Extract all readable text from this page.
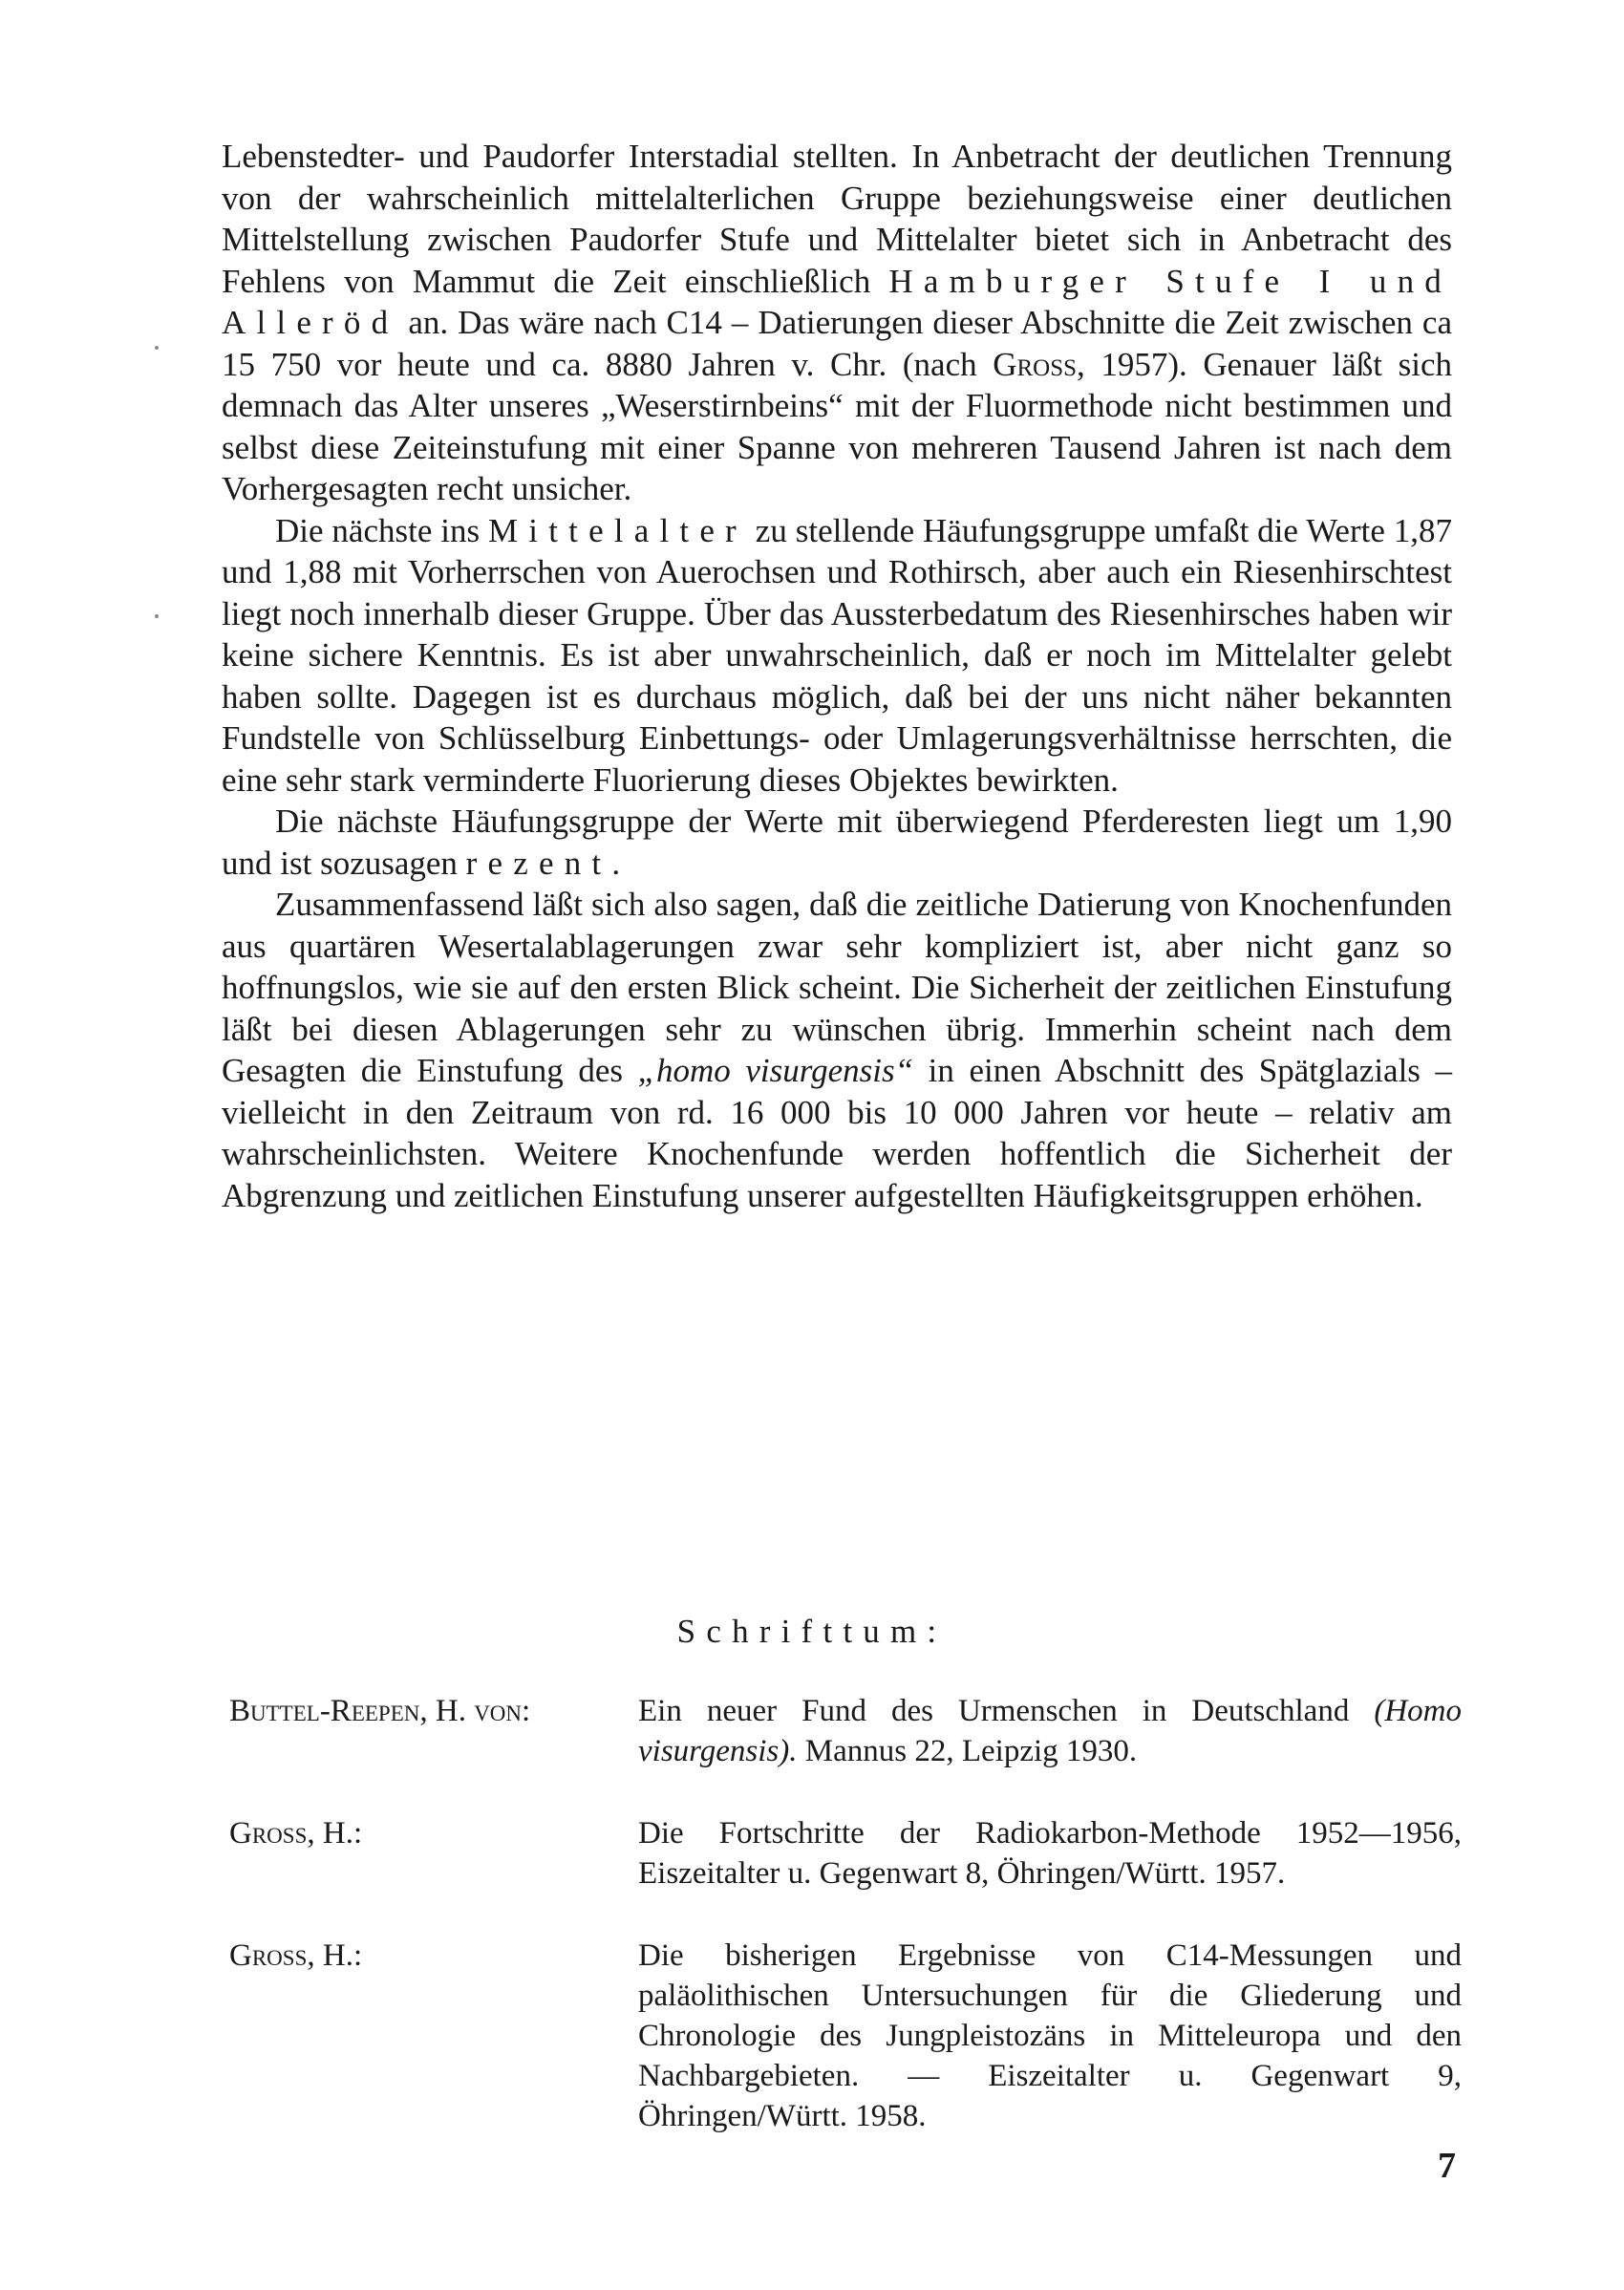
Lebenstedter- und Paudorfer Interstadial stellten. In Anbetracht der deutlichen Trennung von der wahrscheinlich mittelalterlichen Gruppe beziehungsweise einer deutlichen Mittelstellung zwischen Paudorfer Stufe und Mittelalter bietet sich in Anbetracht des Fehlens von Mammut die Zeit einschließlich Hamburger Stufe I und Alleröd an. Das wäre nach C14 – Datierungen dieser Abschnitte die Zeit zwischen ca 15 750 vor heute und ca. 8880 Jahren v. Chr. (nach Gross, 1957). Genauer läßt sich demnach das Alter unseres „Weserstirnbeins“ mit der Fluormethode nicht bestimmen und selbst diese Zeiteinstufung mit einer Spanne von mehreren Tausend Jahren ist nach dem Vorhergesagten recht unsicher.

Die nächste ins Mittelalter zu stellende Häufungsgruppe umfaßt die Werte 1,87 und 1,88 mit Vorherrschen von Auerochsen und Rothirsch, aber auch ein Riesenhirschtest liegt noch innerhalb dieser Gruppe. Über das Aussterbedatum des Riesenhirsches haben wir keine sichere Kenntnis. Es ist aber unwahrscheinlich, daß er noch im Mittelalter gelebt haben sollte. Dagegen ist es durchaus möglich, daß bei der uns nicht näher bekannten Fundstelle von Schlüsselburg Einbettungs- oder Umlagerungsverhältnisse herrschten, die eine sehr stark verminderte Fluorierung dieses Objektes bewirkten.

Die nächste Häufungsgruppe der Werte mit überwiegend Pferderesten liegt um 1,90 und ist sozusagen rezent.

Zusammenfassend läßt sich also sagen, daß die zeitliche Datierung von Knochenfunden aus quartären Wesertalablagerungen zwar sehr kompliziert ist, aber nicht ganz so hoffnungslos, wie sie auf den ersten Blick scheint. Die Sicherheit der zeitlichen Einstufung läßt bei diesen Ablagerungen sehr zu wünschen übrig. Immerhin scheint nach dem Gesagten die Einstufung des „homo visurgensis“ in einen Abschnitt des Spätglazials – vielleicht in den Zeitraum von rd. 16 000 bis 10 000 Jahren vor heute – relativ am wahrscheinlichsten. Weitere Knochenfunde werden hoffentlich die Sicherheit der Abgrenzung und zeitlichen Einstufung unserer aufgestellten Häufigkeitsgruppen erhöhen.

Schrifttum:
Buttel-Reepen, H. von:	Ein neuer Fund des Urmenschen in Deutschland (Homo visurgensis). Mannus 22, Leipzig 1930.
Gross, H.:	Die Fortschritte der Radiokarbon-Methode 1952—1956, Eiszeitalter u. Gegenwart 8, Öhringen/Württ. 1957.
Gross, H.:	Die bisherigen Ergebnisse von C14-Messungen und paläolithischen Untersuchungen für die Gliederung und Chronologie des Jungpleistozäns in Mitteleuropa und den Nachbargebieten. — Eiszeitalter u. Gegenwart 9, Öhringen/Württ. 1958.
7
